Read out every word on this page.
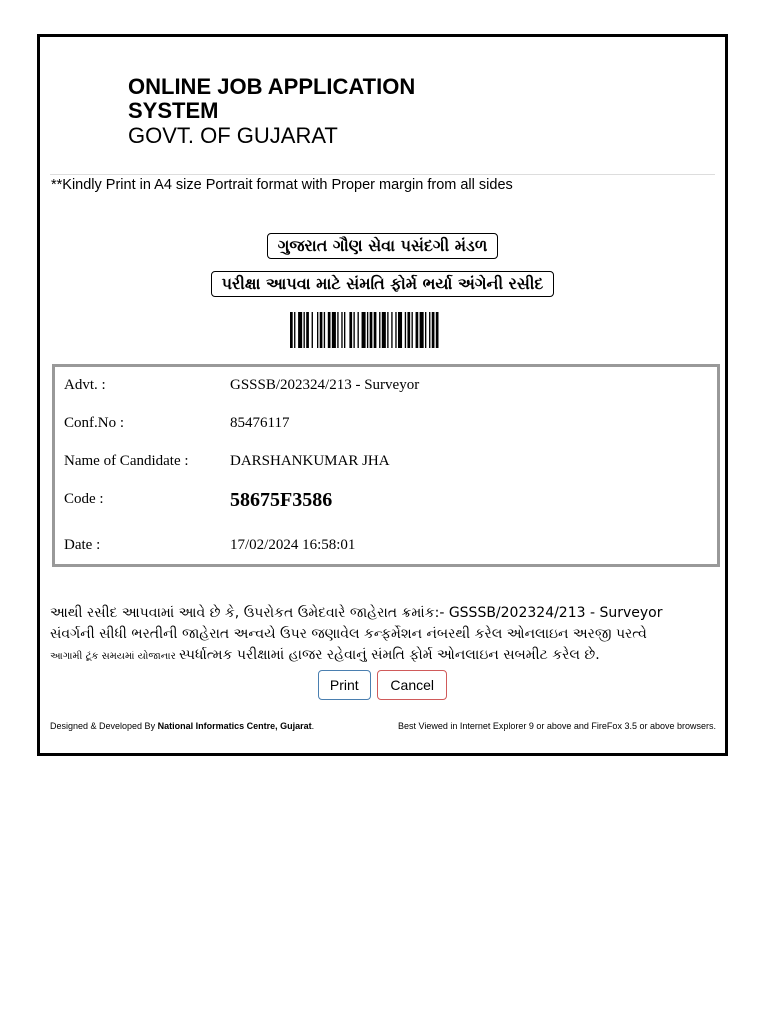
ONLINE JOB APPLICATION SYSTEM
GOVT. OF GUJARAT
**Kindly Print in A4 size Portrait format with Proper margin from all sides
ગુજરાત ગૌણ સેવા પસંદગી મંડળ
પરીક્ષા આપવા માટે સંમતિ ફોર્મ ભર્યા અંગેની રસીદ
Advt. :	GSSSB/202324/213 - Surveyor
Conf.No :	85476117
Name of Candidate :	DARSHANKUMAR JHA
Code :	58675F3586
Date :	17/02/2024 16:58:01
આથી રસીદ આપવામાં આવે છે કે, ઉપરોકત ઉમેદવારે જાહેરાત ક્રમાંક:- GSSSB/202324/213 - Surveyor
સંવર્ગની સીધી ભરતીની જાહેરાત અન્વયે ઉપર જણાવેલ કન્ફર્મેશન નંબરથી કરેલ ઓનલાઇન અરજી પરત્વે
આગામી ટૂંક સમયમાં યોજાનાર સ્પર્ધાત્મક પરીક્ષામાં હાજર રહેવાનું સંમતિ ફોર્મ ઓનલાઇન સબમીટ કરેલ છે.
Print Cancel
Designed & Developed By National Informatics Centre, Gujarat.	Best Viewed in Internet Explorer 9 or above and FireFox 3.5 or above browsers.
